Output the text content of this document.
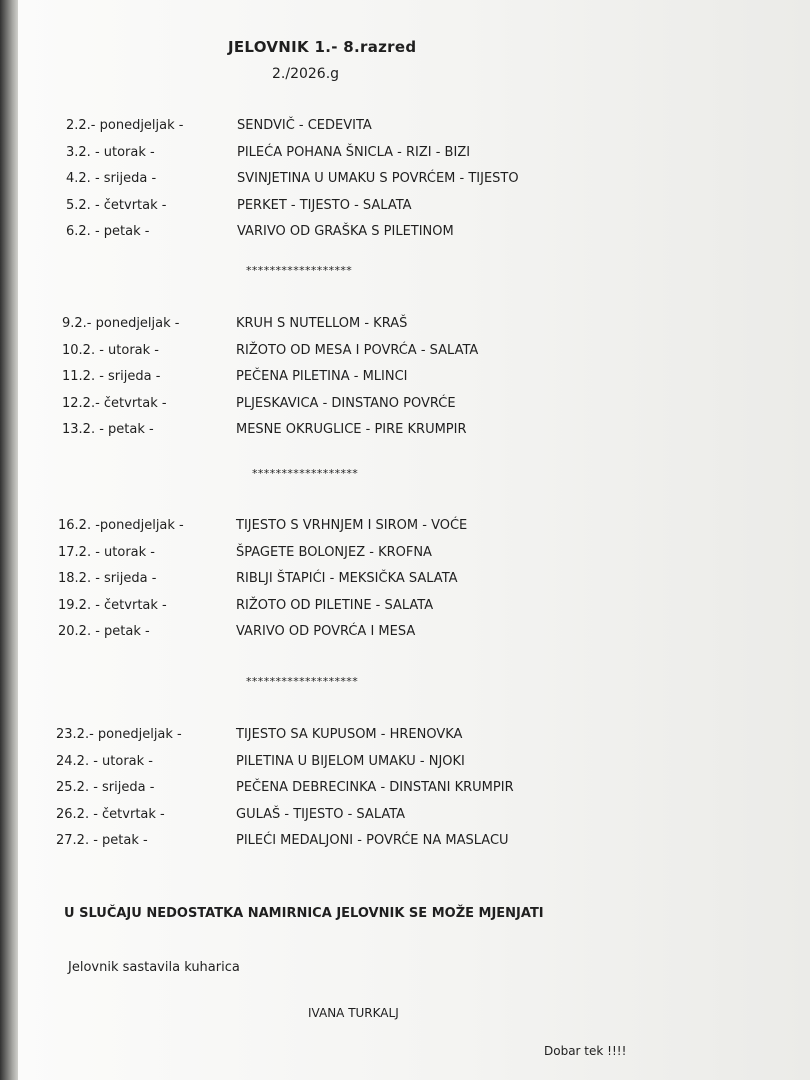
JELOVNIK 1.- 8.razred
2./2026.g
2.2.- ponedjeljak -	SENDVIČ - CEDEVITA
3.2. - utorak -	PILEĆA POHANA ŠNICLA - RIZI - BIZI
4.2. - srijeda -	SVINJETINA U UMAKU S POVRĆEM - TIJESTO
5.2. - četvrtak -	PERKET - TIJESTO - SALATA
6.2. - petak -	VARIVO OD GRAŠKA S PILETINOM
******************
9.2.- ponedjeljak -	KRUH S NUTELLOM - KRAŠ
10.2. - utorak -	RIŽOTO OD MESA I POVRĆA - SALATA
11.2. - srijeda -	PEČENA PILETINA - MLINCI
12.2.- četvrtak -	PLJESKAVICA - DINSTANO POVRĆE
13.2. - petak -	MESNE OKRUGLICE - PIRE KRUMPIR
******************
16.2. -ponedjeljak -	TIJESTO S VRHNJEM I SIROM - VOĆE
17.2. - utorak -	ŠPAGETE BOLONJEZ - KROFNA
18.2. - srijeda -	RIBLJI ŠTAPIĆI - MEKSIČKA SALATA
19.2. - četvrtak -	RIŽOTO OD PILETINE - SALATA
20.2. - petak -	VARIVO OD POVRĆA I MESA
*******************
23.2.- ponedjeljak -	TIJESTO SA KUPUSOM - HRENOVKA
24.2. - utorak -	PILETINA U BIJELOM UMAKU - NJOKI
25.2. - srijeda -	PEČENA DEBRECINKA - DINSTANI KRUMPIR
26.2. - četvrtak -	GULAŠ - TIJESTO - SALATA
27.2. - petak -	PILEĆI MEDALJONI - POVRĆE NA MASLACU
U SLUČAJU NEDOSTATKA NAMIRNICA JELOVNIK SE MOŽE MJENJATI
Jelovnik sastavila kuharica
IVANA TURKALJ
Dobar tek !!!!
